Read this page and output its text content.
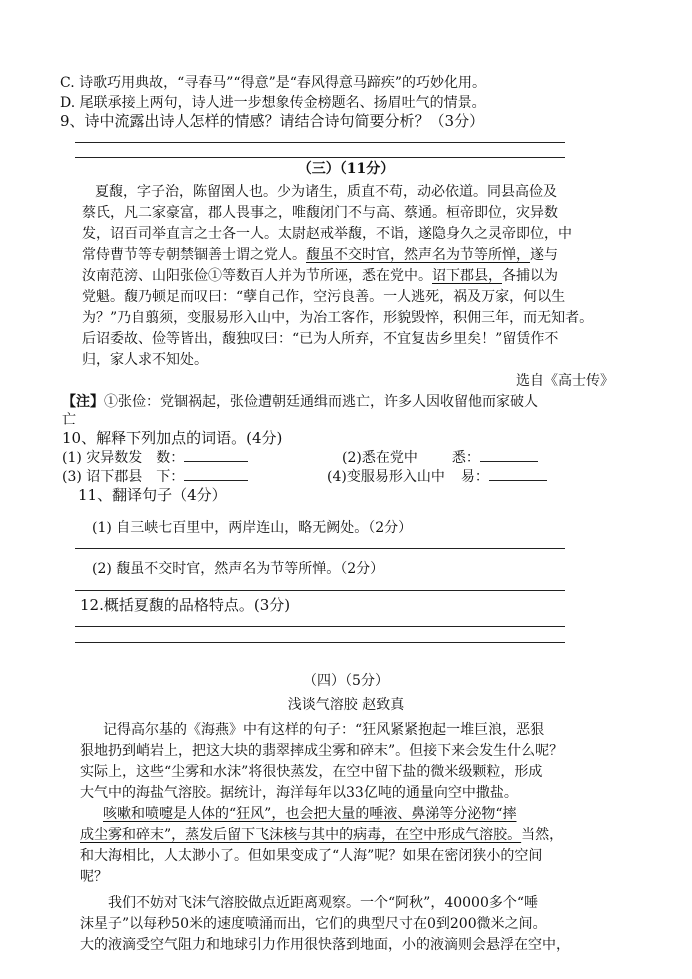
C. 诗歌巧用典故，“寻春马”“得意”是“春风得意马蹄疾”的巧妙化用。
D. 尾联承接上两句，诗人进一步想象传金榜题名、扬眉吐气的情景。
9、诗中流露出诗人怎样的情感？请结合诗句简要分析？（3分）
（三）（11分）
夏馥，字子治，陈留圉人也。少为诸生，质直不苟，动必依道。同县高俭及
蔡氏，凡二家豪富，郡人畏事之，唯馥闭门不与高、蔡通。桓帝即位，灾异数
发，诏百司举直言之士各一人。太尉赵戒举馥，不诣，遂隐身久之灵帝即位，中
常侍曹节等专朝禁锢善士谓之党人。馥虽不交时官，然声名为节等所惮，遂与
汝南范滂、山阳张俭①等数百人并为节所诬，悉在党中。诏下郡县，各捕以为
党魁。馥乃顿足而叹曰：“孽自己作，空污良善。一人逃死，祸及万家，何以生
为？”乃自翦须，变服易形入山中，为冶工客作，形貌毁悴，积佣三年，而无知者。
后诏委故、俭等皆出，馥独叹曰：“已为人所弃，不宜复齿乡里矣！”留赁作不
归，家人求不知处。
选自《高士传》
【注】①张俭：党锢祸起，张俭遭朝廷通缉而逃亡，许多人因收留他而家破人
亡
10、解释下列加点的词语。(4分)
(1) 灾异数发 数：	(2)悉在党中 悉：
(3) 诏下郡县 下：	(4)变服易形入山中 易：
11、翻译句子（4分）
(1) 自三峡七百里中，两岸连山，略无阙处。（2分）
(2) 馥虽不交时官，然声名为节等所惮。（2分）
12.概括夏馥的品格特点。(3分)
（四）（5分）
浅谈气溶胶 赵致真
记得高尔基的《海燕》中有这样的句子：“狂风紧紧抱起一堆巨浪，恶狠
狠地扔到峭岩上，把这大块的翡翠摔成尘雾和碎末”。但接下来会发生什么呢？
实际上，这些“尘雾和水沫”将很快蒸发，在空中留下盐的微米级颗粒，形成
大气中的海盐气溶胶。据统计，海洋每年以33亿吨的通量向空中撒盐。
咳嗽和喷嚏是人体的“狂风”，也会把大量的唾液、鼻涕等分泌物“摔
成尘雾和碎末”，蒸发后留下飞沫核与其中的病毒，在空中形成气溶胶。当然，
和大海相比，人太渺小了。但如果变成了“人海”呢？如果在密闭狭小的空间
呢？
我们不妨对飞沫气溶胶做点近距离观察。一个“阿秋”，40000多个“唾
沫星子”以每秒50米的速度喷涌而出，它们的典型尺寸在0到200微米之间。
大的液滴受空气阻力和地球引力作用很快落到地面，小的液滴则会悬浮在空中，
